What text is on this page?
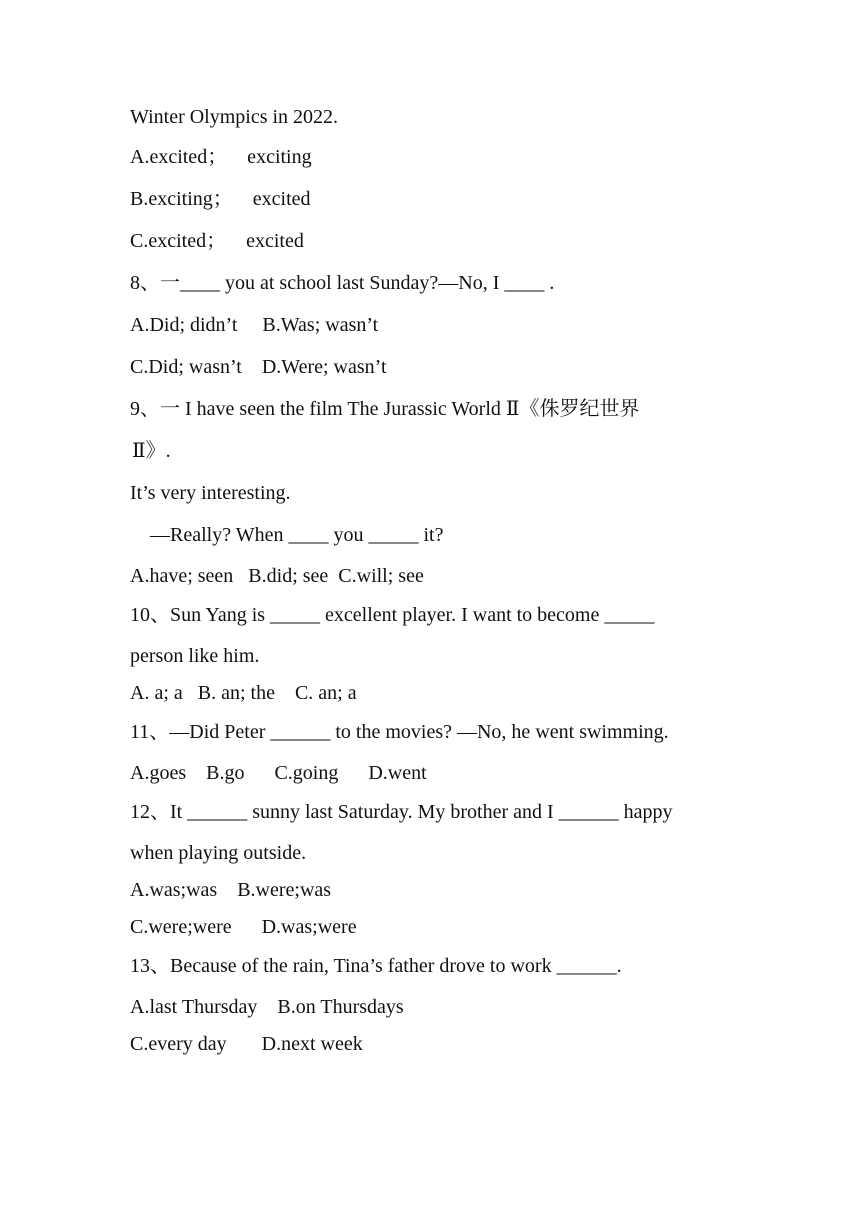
Winter Olympics in 2022.
A.excited；    exciting
B.exciting；    excited
C.excited；    excited
8、一____ you at school last Sunday?—No, I ____ .
A.Did; didn’t     B.Was; wasn’t
C.Did; wasn’t    D.Were; wasn’t
9、一 I have seen the film The Jurassic World Ⅱ《侏罗纪世界
Ⅱ》.
It’s very interesting.
—Really? When ____ you _____ it?
A.have; seen   B.did; see  C.will; see
10、Sun Yang is _____ excellent player. I want to become _____
person like him.
A. a; a   B. an; the    C. an; a
11、—Did Peter ______ to the movies? —No, he went swimming.
A.goes    B.go      C.going      D.went
12、It ______ sunny last Saturday. My brother and I ______ happy
when playing outside.
A.was;was    B.were;was
C.were;were      D.was;were
13、Because of the rain, Tina’s father drove to work ______.
A.last Thursday    B.on Thursdays
C.every day       D.next week
